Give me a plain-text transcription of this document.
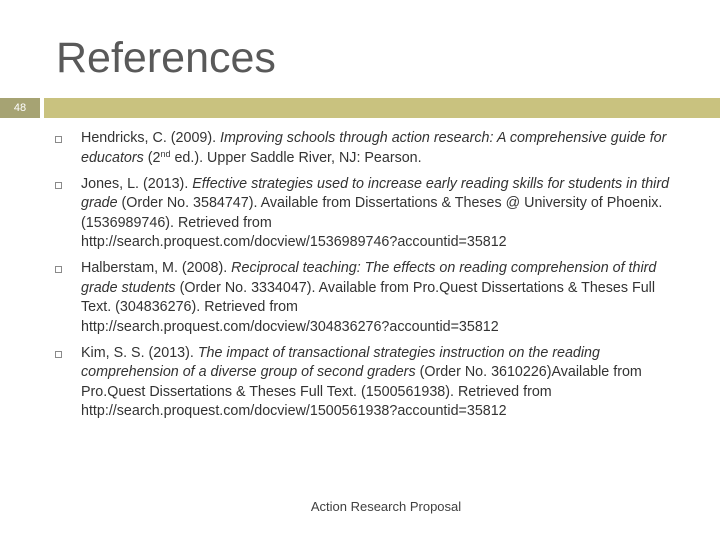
References
48
Hendricks, C. (2009). Improving schools through action research: A comprehensive guide for educators (2nd ed.). Upper Saddle River, NJ: Pearson.
Jones, L. (2013). Effective strategies used to increase early reading skills for students in third grade (Order No. 3584747). Available from Dissertations & Theses @ University of Phoenix. (1536989746). Retrieved from
http://search.proquest.com/docview/1536989746?accountid=35812
Halberstam, M. (2008). Reciprocal teaching: The effects on reading comprehension of third grade students (Order No. 3334047). Available from Pro.Quest Dissertations & Theses Full Text. (304836276). Retrieved from
http://search.proquest.com/docview/304836276?accountid=35812
Kim, S. S. (2013). The impact of transactional strategies instruction on the reading comprehension of a diverse group of second graders (Order No. 3610226)Available from Pro.Quest Dissertations & Theses Full Text. (1500561938). Retrieved from
http://search.proquest.com/docview/1500561938?accountid=35812
Action Research Proposal
